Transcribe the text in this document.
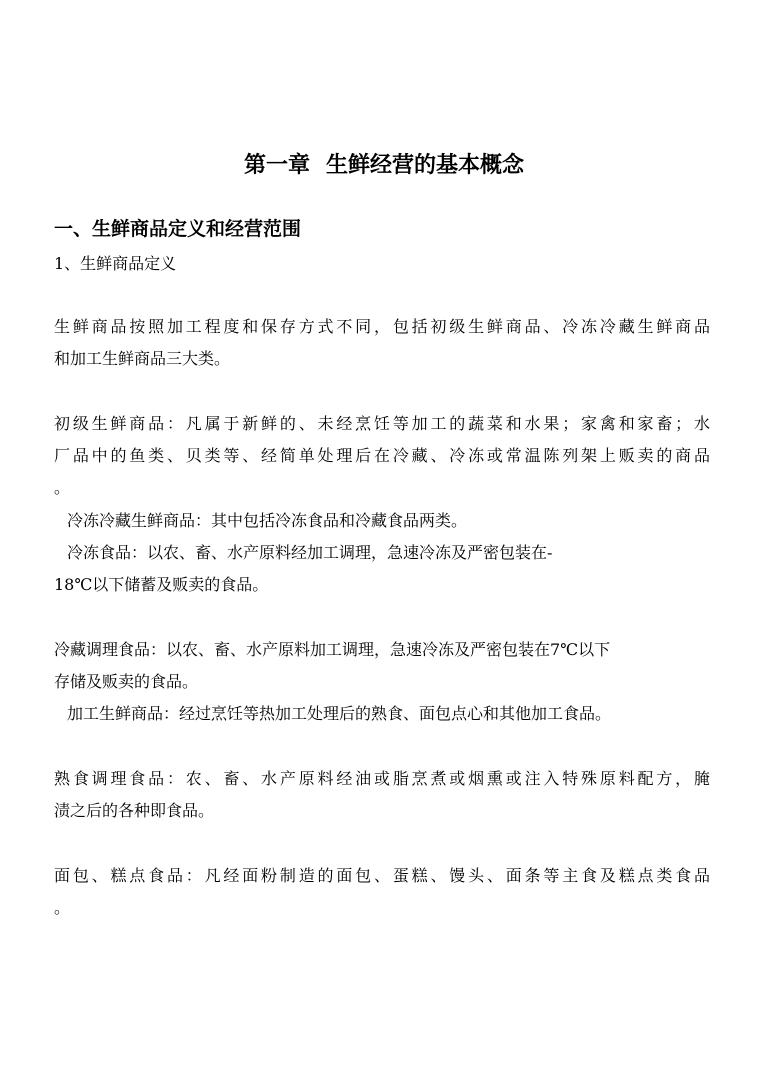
第一章 生鲜经营的基本概念
一、生鲜商品定义和经营范围
1、生鲜商品定义
生鲜商品按照加工程度和保存方式不同，包括初级生鲜商品、冷冻冷藏生鲜商品
和加工生鲜商品三大类。
初级生鲜商品：凡属于新鲜的、未经烹饪等加工的蔬菜和水果；家禽和家畜；水
厂品中的鱼类、贝类等、经简单处理后在冷藏、冷冻或常温陈列架上贩卖的商品
。
冷冻冷藏生鲜商品：其中包括冷冻食品和冷藏食品两类。
冷冻食品：以农、畜、水产原料经加工调理，急速冷冻及严密包装在-
18℃以下储蓄及贩卖的食品。
冷藏调理食品：以农、畜、水产原料加工调理，急速冷冻及严密包装在7℃以下
存储及贩卖的食品。
加工生鲜商品：经过烹饪等热加工处理后的熟食、面包点心和其他加工食品。
熟食调理食品：农、畜、水产原料经油或脂烹煮或烟熏或注入特殊原料配方，腌
渍之后的各种即食品。
面包、糕点食品：凡经面粉制造的面包、蛋糕、馒头、面条等主食及糕点类食品
。
